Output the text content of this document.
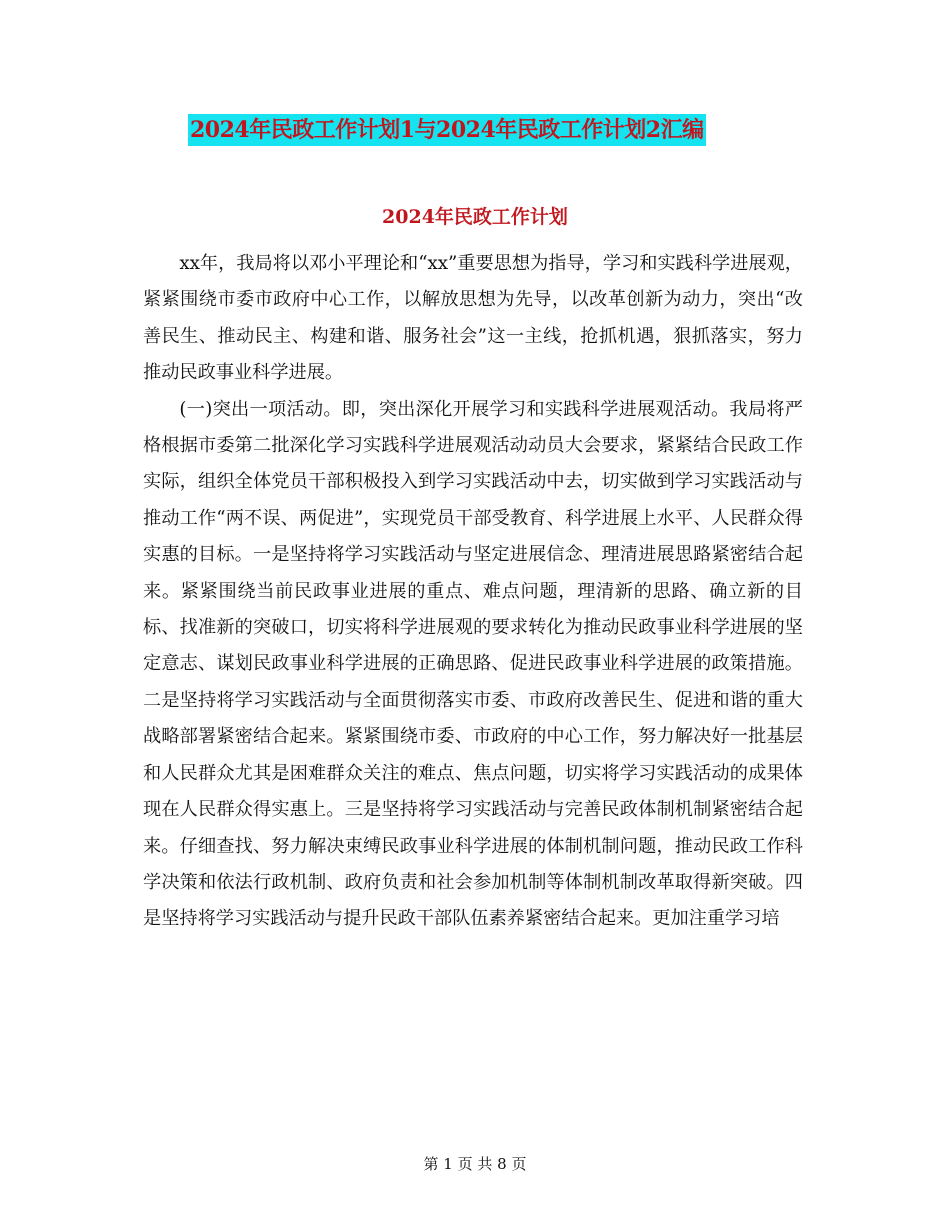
2024年民政工作计划1与2024年民政工作计划2汇编
2024年民政工作计划

xx年，我局将以邓小平理论和“xx”重要思想为指导，学习和实践科学进展观，紧紧围绕市委市政府中心工作，以解放思想为先导，以改革创新为动力，突出“改善民生、推动民主、构建和谐、服务社会”这一主线，抢抓机遇，狠抓落实，努力推动民政事业科学进展。

(一)突出一项活动。即，突出深化开展学习和实践科学进展观活动。我局将严格根据市委第二批深化学习实践科学进展观活动动员大会要求，紧紧结合民政工作实际，组织全体党员干部积极投入到学习实践活动中去，切实做到学习实践活动与推动工作“两不误、两促进”，实现党员干部受教育、科学进展上水平、人民群众得实惠的目标。一是坚持将学习实践活动与坚定进展信念、理清进展思路紧密结合起来。紧紧围绕当前民政事业进展的重点、难点问题，理清新的思路、确立新的目标、找准新的突破口，切实将科学进展观的要求转化为推动民政事业科学进展的坚定意志、谋划民政事业科学进展的正确思路、促进民政事业科学进展的政策措施。二是坚持将学习实践活动与全面贯彻落实市委、市政府改善民生、促进和谐的重大战略部署紧密结合起来。紧紧围绕市委、市政府的中心工作，努力解决好一批基层和人民群众尤其是困难群众关注的难点、焦点问题，切实将学习实践活动的成果体现在人民群众得实惠上。三是坚持将学习实践活动与完善民政体制机制紧密结合起来。仔细查找、努力解决束缚民政事业科学进展的体制机制问题，推动民政工作科学决策和依法行政机制、政府负责和社会参加机制等体制机制改革取得新突破。四是坚持将学习实践活动与提升民政干部队伍素养紧密结合起来。更加注重学习培

第 1 页 共 8 页
